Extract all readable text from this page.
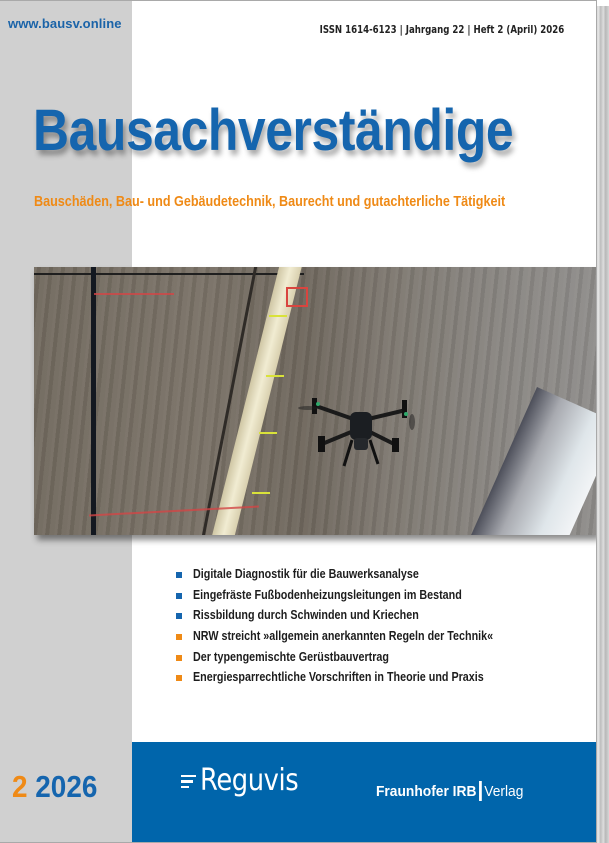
www.bausv.online	ISSN 1614-6123 | Jahrgang 22 | Heft 2 (April) 2026
Bausachverständige
Bauschäden, Bau- und Gebäudetechnik, Baurecht und gutachterliche Tätigkeit
Digitale Diagnostik für die Bauwerksanalyse
Eingefräste Fußbodenheizungsleitungen im Bestand
Rissbildung durch Schwinden und Kriechen
NRW streicht »allgemein anerkannten Regeln der Technik«
Der typengemischte Gerüstbauvertrag
Energiesparrechtliche Vorschriften in Theorie und Praxis
2 2026	Reguvis	Fraunhofer IRB Verlag
